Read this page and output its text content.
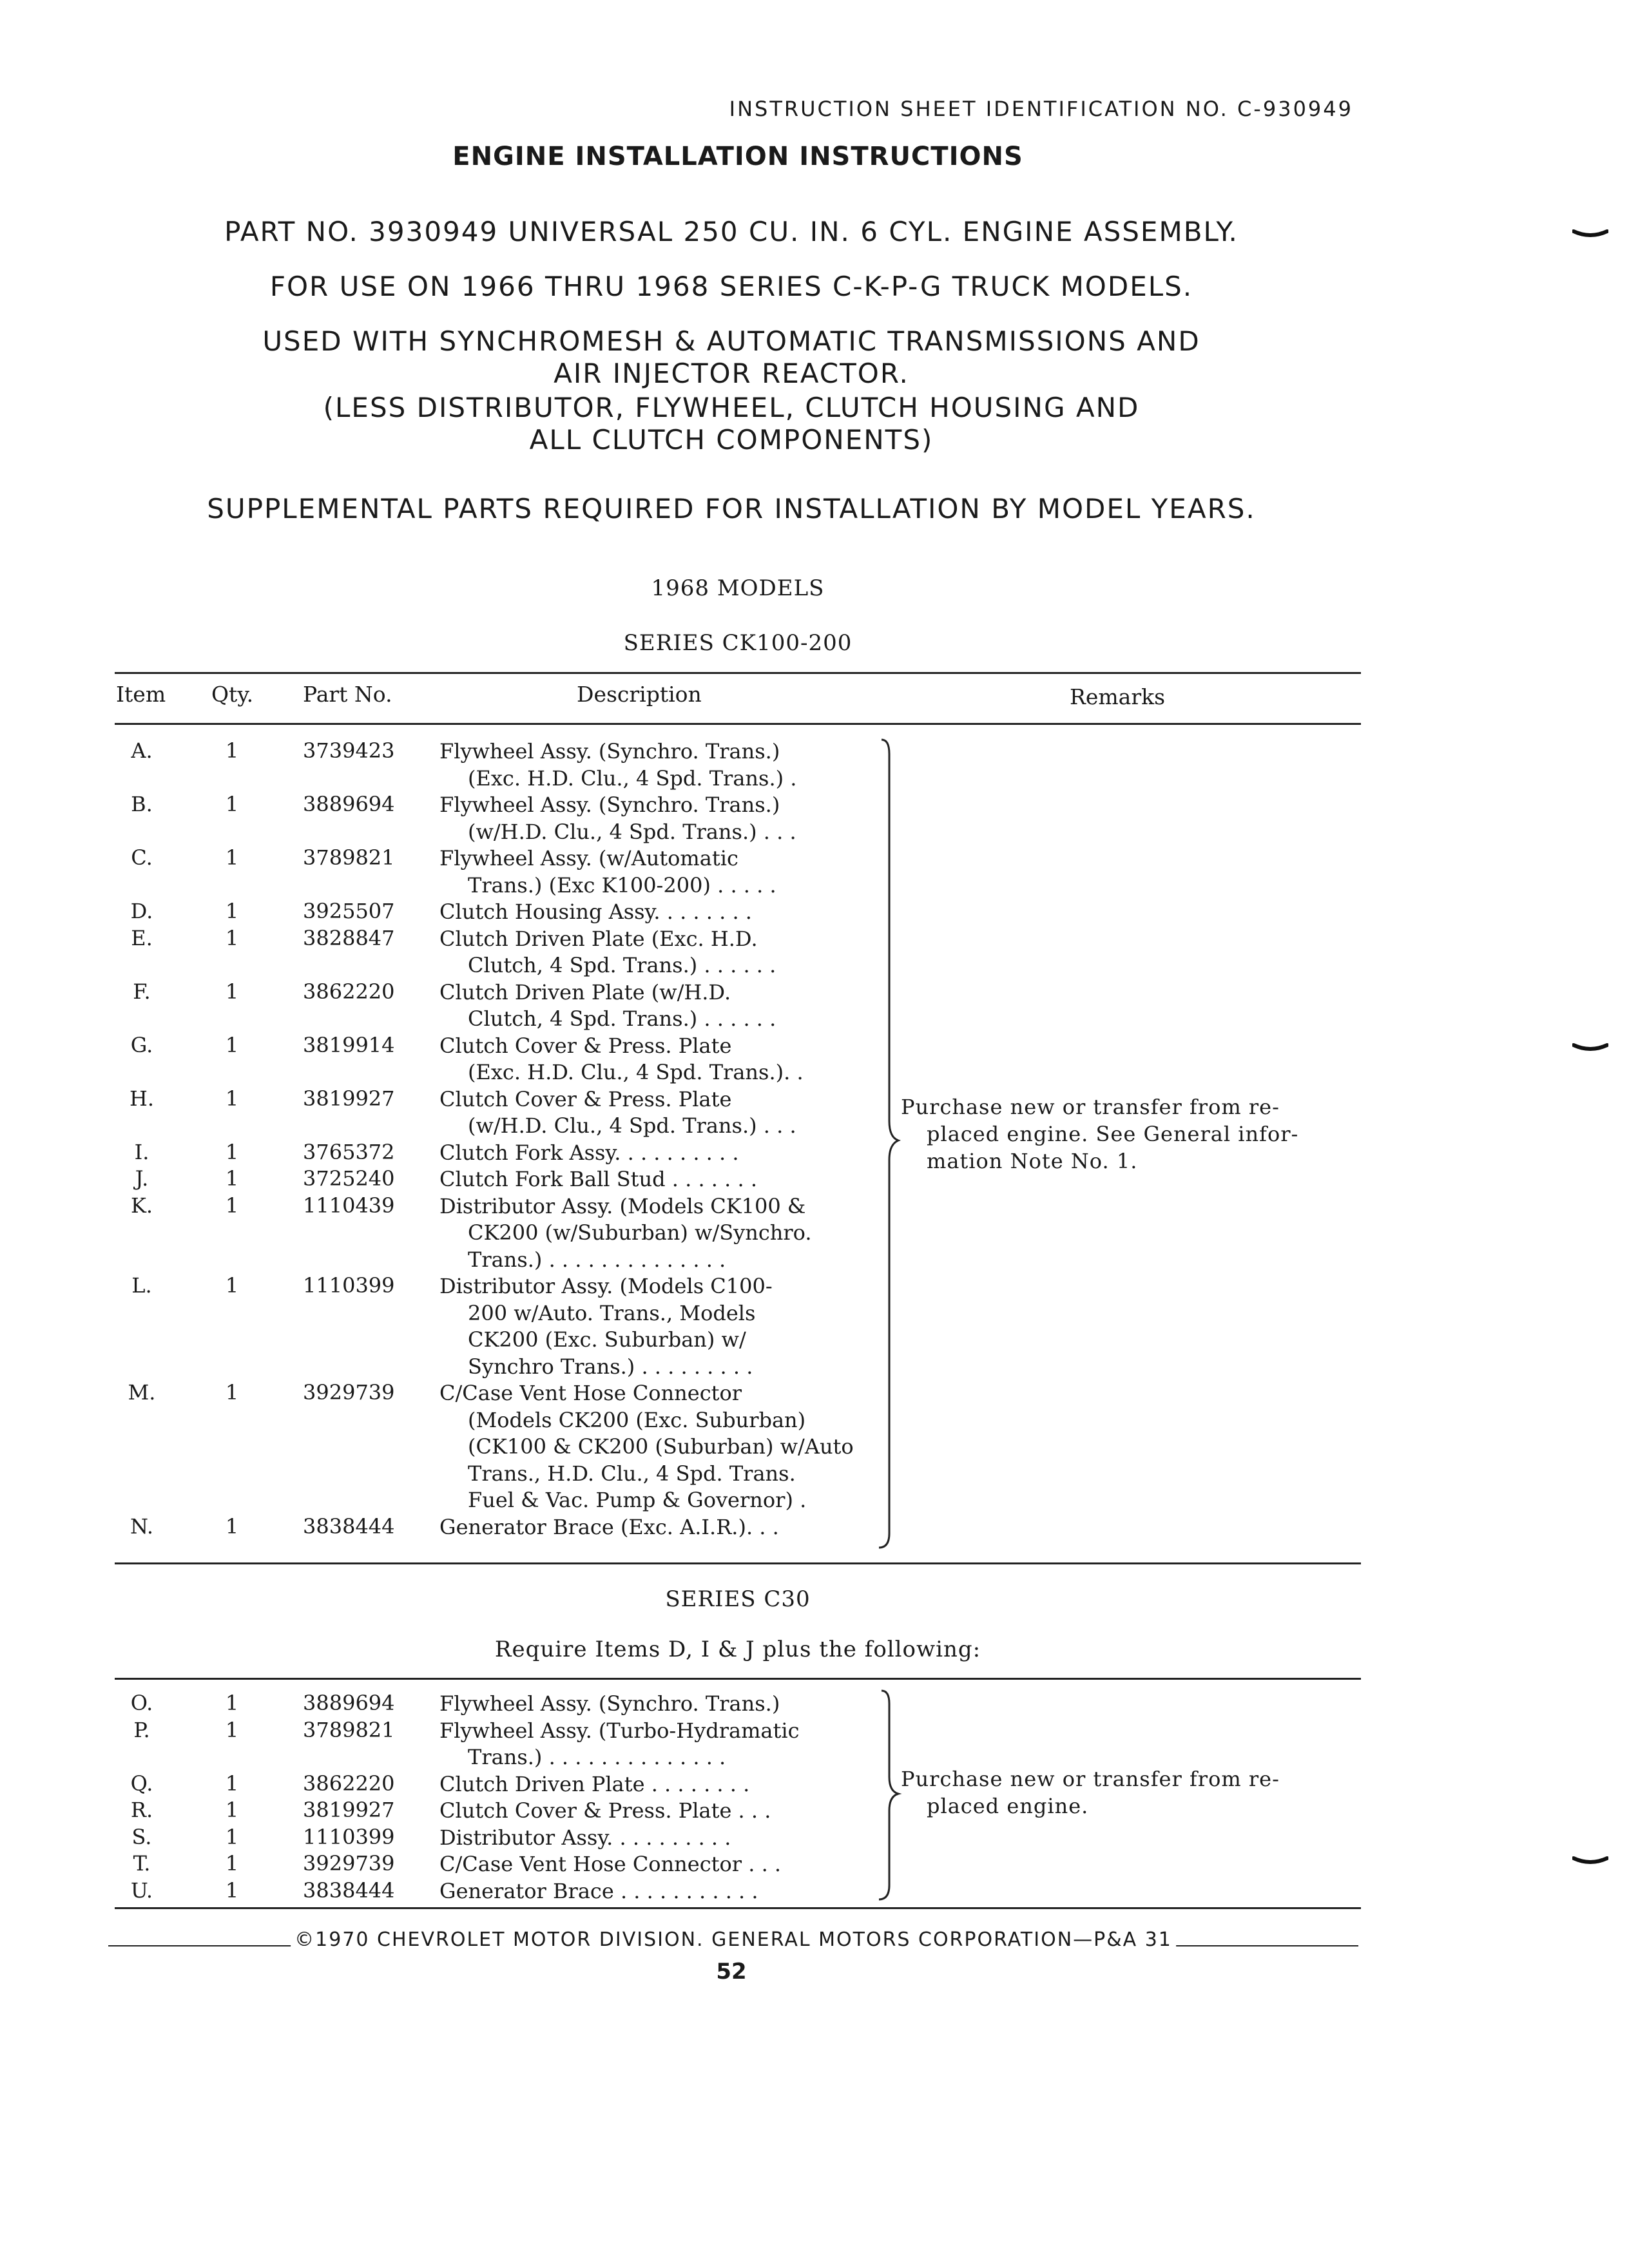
INSTRUCTION SHEET IDENTIFICATION NO. C-930949
ENGINE INSTALLATION INSTRUCTIONS
PART NO. 3930949 UNIVERSAL 250 CU. IN. 6 CYL. ENGINE ASSEMBLY.
FOR USE ON 1966 THRU 1968 SERIES C-K-P-G TRUCK MODELS.
USED WITH SYNCHROMESH & AUTOMATIC TRANSMISSIONS AND
AIR INJECTOR REACTOR.
(LESS DISTRIBUTOR, FLYWHEEL, CLUTCH HOUSING AND
ALL CLUTCH COMPONENTS)
SUPPLEMENTAL PARTS REQUIRED FOR INSTALLATION BY MODEL YEARS.
1968 MODELS
SERIES CK100-200
Item Qty. Part No.	Description	Remarks
A.	1	3739423 Flywheel Assy. (Synchro. Trans.)
(Exc. H.D. Clu., 4 Spd. Trans.) .
B.	1	3889694 Flywheel Assy. (Synchro. Trans.)
(w/H.D. Clu., 4 Spd. Trans.) . . .
C.	1	3789821 Flywheel Assy. (w/Automatic
Trans.) (Exc K100-200) . . . . .
D.	1	3925507 Clutch Housing Assy. . . . . . . .
E.	1	3828847 Clutch Driven Plate (Exc. H.D.
Clutch, 4 Spd. Trans.) . . . . . .
F.	1	3862220 Clutch Driven Plate (w/H.D.
Clutch, 4 Spd. Trans.) . . . . . .
G.	1	3819914 Clutch Cover & Press. Plate
(Exc. H.D. Clu., 4 Spd. Trans.). .
H.	1	3819927 Clutch Cover & Press. Plate
(w/H.D. Clu., 4 Spd. Trans.) . . .
I.	1	3765372 Clutch Fork Assy. . . . . . . . . .
J.	1	3725240 Clutch Fork Ball Stud . . . . . . .
K.	1	1110439 Distributor Assy. (Models CK100 &
CK200 (w/Suburban) w/Synchro.
Trans.) . . . . . . . . . . . . . .
L.	1	1110399 Distributor Assy. (Models C100-
200 w/Auto. Trans., Models
CK200 (Exc. Suburban) w/
Synchro Trans.) . . . . . . . . .
M.	1	3929739 C/Case Vent Hose Connector
(Models CK200 (Exc. Suburban)
(CK100 & CK200 (Suburban) w/Auto
Trans., H.D. Clu., 4 Spd. Trans.
Fuel & Vac. Pump & Governor) .
N.	1	3838444 Generator Brace (Exc. A.I.R.). . .
Purchase new or transfer from re-
placed engine. See General infor-
mation Note No. 1.
SERIES C30
Require Items D, I & J plus the following:
O.	1	3889694 Flywheel Assy. (Synchro. Trans.)
P.	1	3789821 Flywheel Assy. (Turbo-Hydramatic
Trans.) . . . . . . . . . . . . . .
Q.	1	3862220 Clutch Driven Plate . . . . . . . .
R.	1	3819927 Clutch Cover & Press. Plate . . .
S.	1	1110399 Distributor Assy. . . . . . . . . .
T.	1	3929739 C/Case Vent Hose Connector . . .
U.	1	3838444 Generator Brace . . . . . . . . . . .
Purchase new or transfer from re-
placed engine.
©1970 CHEVROLET MOTOR DIVISION. GENERAL MOTORS CORPORATION—P&A 31
52
